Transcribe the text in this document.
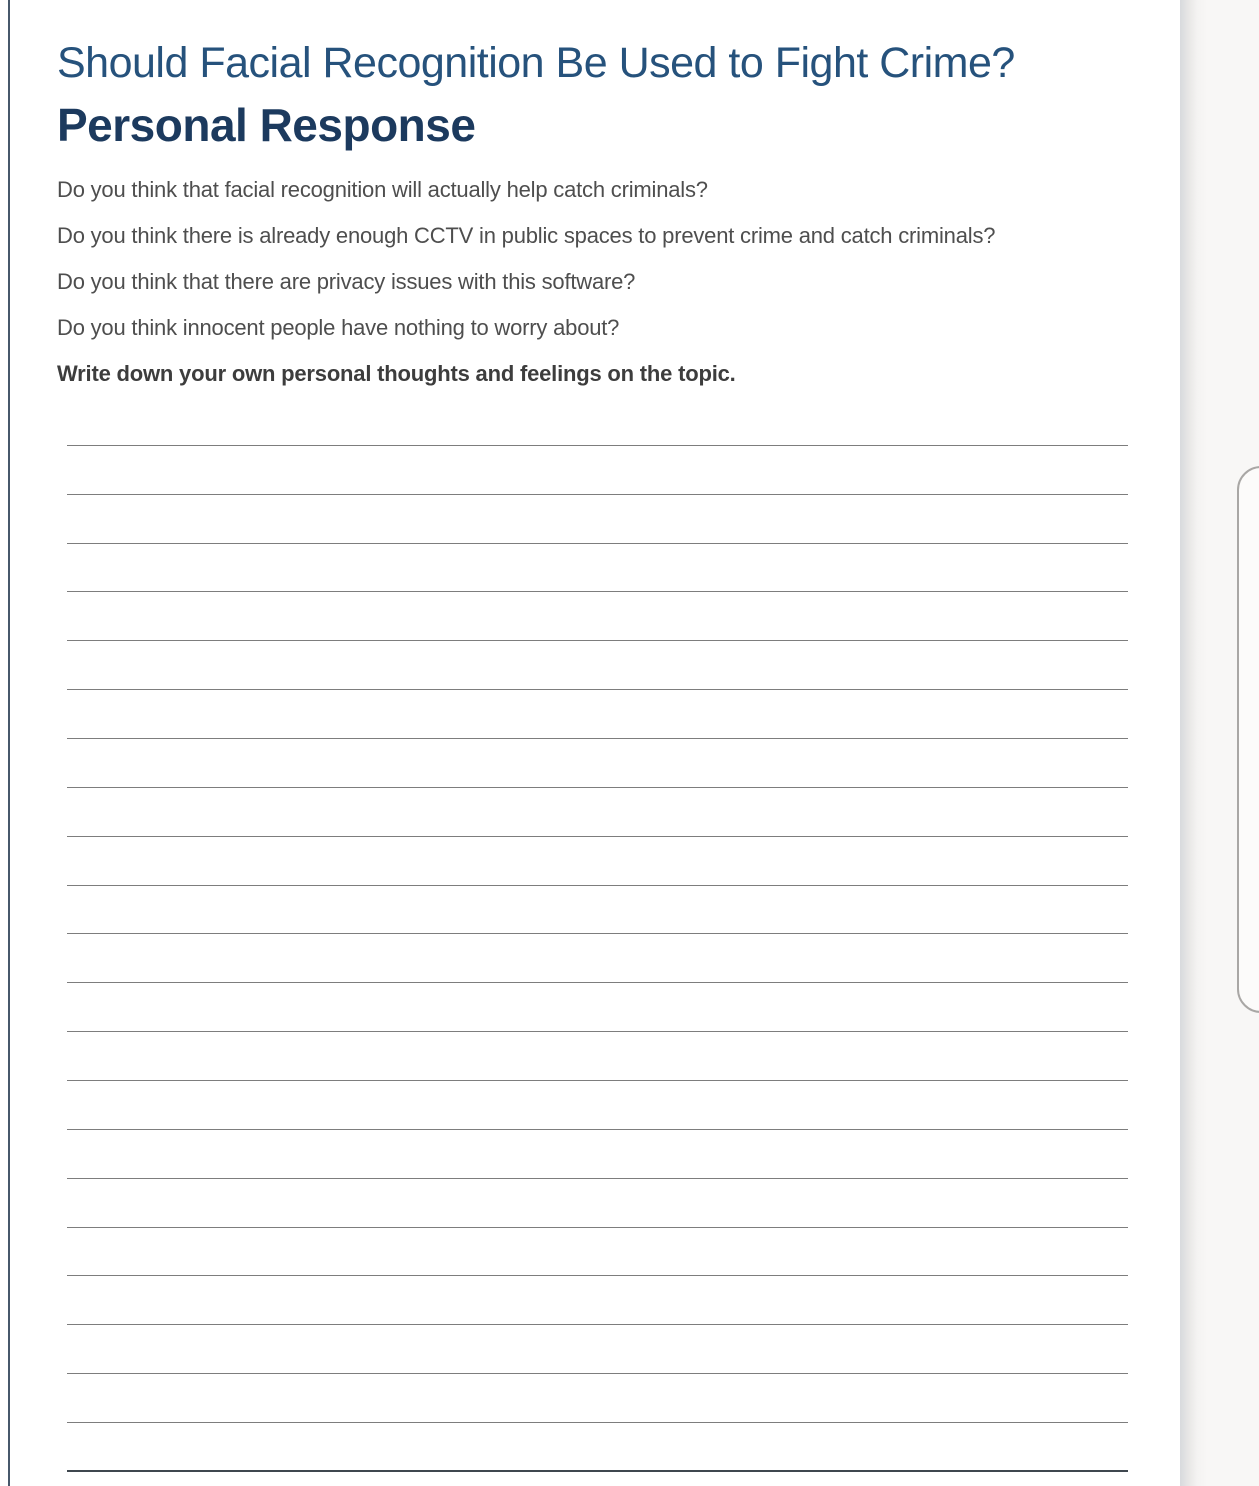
Should Facial Recognition Be Used to Fight Crime?
Personal Response

Do you think that facial recognition will actually help catch criminals?

Do you think there is already enough CCTV in public spaces to prevent crime and catch criminals?

Do you think that there are privacy issues with this software?

Do you think innocent people have nothing to worry about?

Write down your own personal thoughts and feelings on the topic.
